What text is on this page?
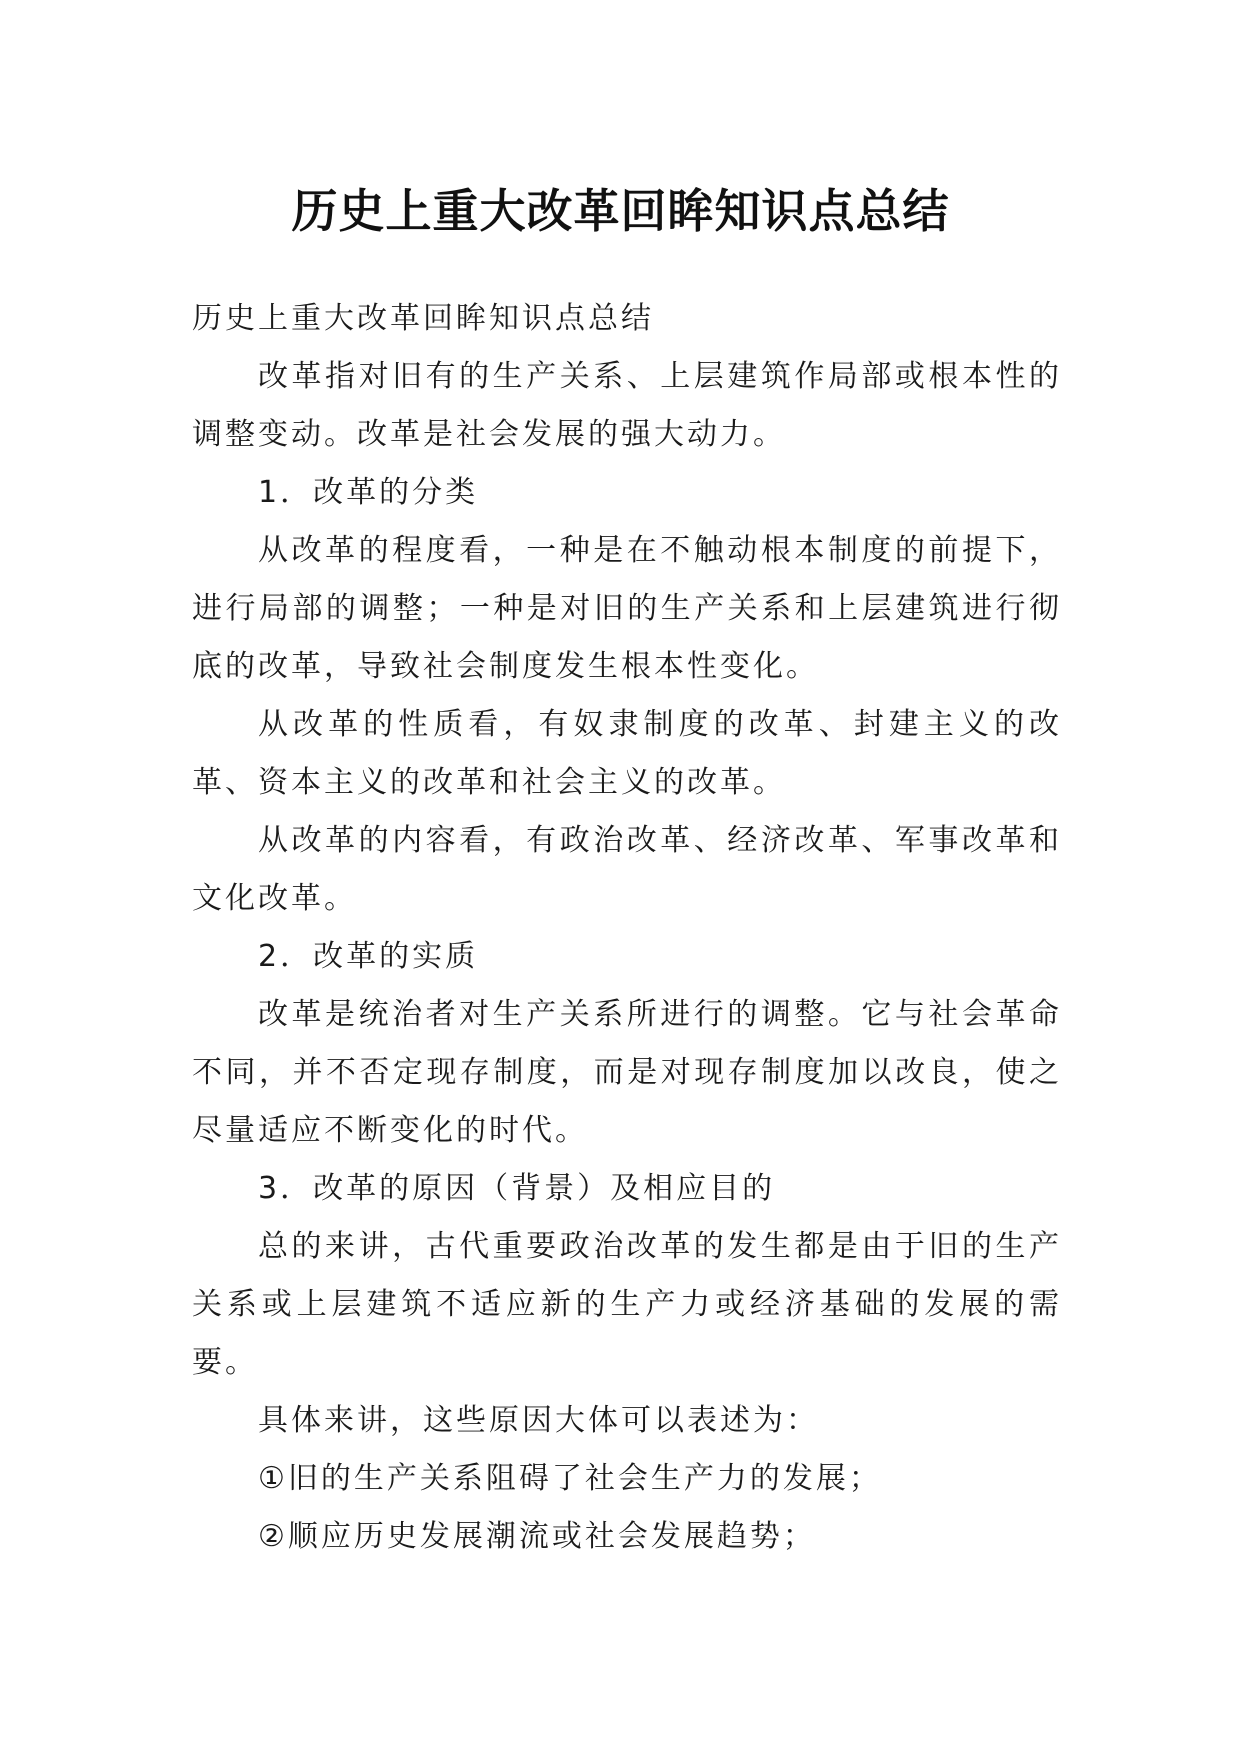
历史上重大改革回眸知识点总结

历史上重大改革回眸知识点总结

改革指对旧有的生产关系、上层建筑作局部或根本性的调整变动。改革是社会发展的强大动力。

1．改革的分类

从改革的程度看，一种是在不触动根本制度的前提下，进行局部的调整；一种是对旧的生产关系和上层建筑进行彻底的改革，导致社会制度发生根本性变化。

从改革的性质看，有奴隶制度的改革、封建主义的改革、资本主义的改革和社会主义的改革。

从改革的内容看，有政治改革、经济改革、军事改革和文化改革。

2．改革的实质

改革是统治者对生产关系所进行的调整。它与社会革命不同，并不否定现存制度，而是对现存制度加以改良，使之尽量适应不断变化的时代。

3．改革的原因（背景）及相应目的

总的来讲，古代重要政治改革的发生都是由于旧的生产关系或上层建筑不适应新的生产力或经济基础的发展的需要。

具体来讲，这些原因大体可以表述为：

①旧的生产关系阻碍了社会生产力的发展；

②顺应历史发展潮流或社会发展趋势；
